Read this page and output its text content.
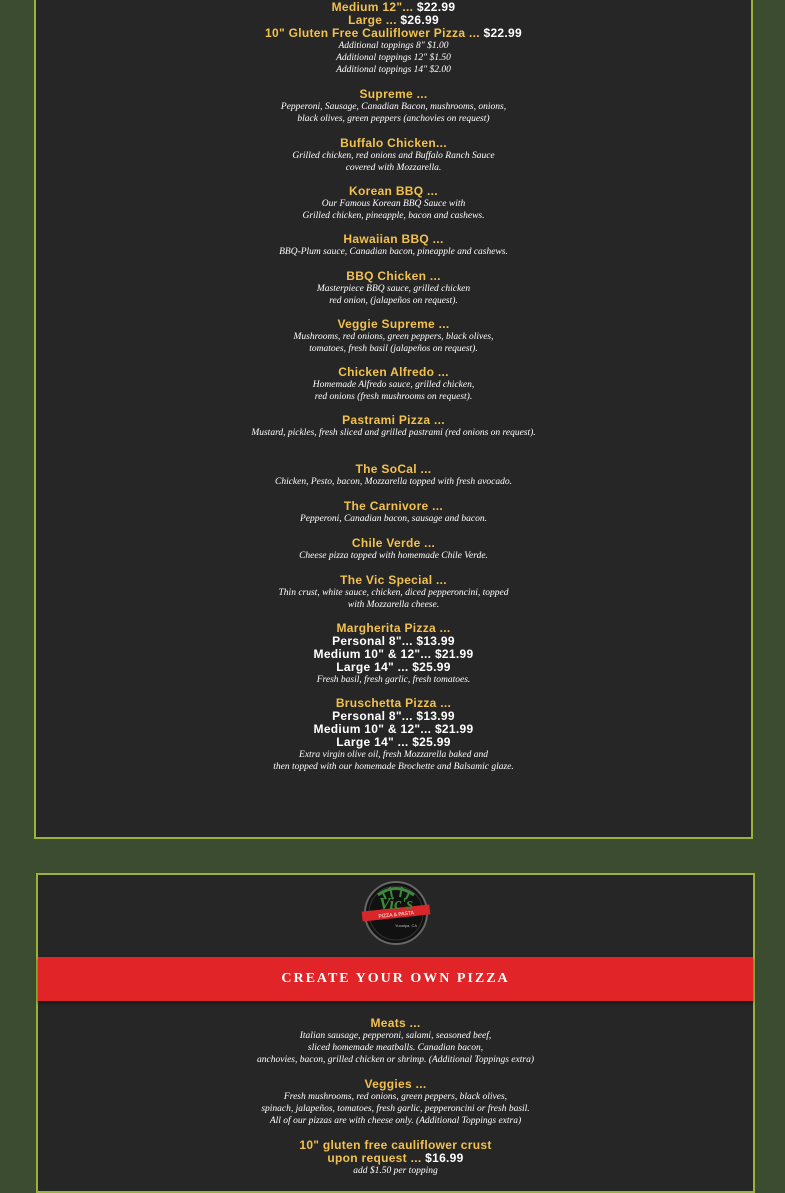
Medium 12"... $22.99

Large ... $26.99

10" Gluten Free Cauliflower Pizza ... $22.99

Additional toppings 8" $1.00

Additional toppings 12" $1.50

Additional toppings 14" $2.00

Supreme ...

Pepperoni, Sausage, Canadian Bacon, mushrooms, onions,

black olives, green peppers (anchovies on request)

Buffalo Chicken...

Grilled chicken, red onions and Buffalo Ranch Sauce

covered with Mozzarella.

Korean BBQ ...

Our Famous Korean BBQ Sauce with

Grilled chicken, pineapple, bacon and cashews.

Hawaiian BBQ ...

BBQ-Plum sauce, Canadian bacon, pineapple and cashews.

BBQ Chicken ...

Masterpiece BBQ sauce, grilled chicken

red onion, (jalapeños on request).

Veggie Supreme ...

Mushrooms, red onions, green peppers, black olives,

tomatoes, fresh basil (jalapeños on request).

Chicken Alfredo ...

Homemade Alfredo sauce, grilled chicken,

red onions (fresh mushrooms on request).

Pastrami Pizza ...

Mustard, pickles, fresh sliced and grilled pastrami (red onions on request).

The SoCal ...

Chicken, Pesto, bacon, Mozzarella topped with fresh avocado.

The Carnivore ...

Pepperoni, Canadian bacon, sausage and bacon.

Chile Verde ...

Cheese pizza topped with homemade Chile Verde.

The Vic Special ...

Thin crust, white sauce, chicken, diced pepperoncini, topped

with Mozzarella cheese.

Margherita Pizza ...

Personal 8"... $13.99

Medium 10" & 12"... $21.99

Large 14" ... $25.99

Fresh basil, fresh garlic, fresh tomatoes.

Bruschetta Pizza ...

Personal 8"... $13.99

Medium 10" & 12"... $21.99

Large 14" ... $25.99

Extra virgin olive oil, fresh Mozzarella baked and

then topped with our homemade Brochette and Balsamic glaze.

Vic's
PIZZA & PASTA
Yucaipa, CA
CREATE YOUR OWN PIZZA

Meats ...

Italian sausage, pepperoni, salami, seasoned beef,

sliced homemade meatballs. Canadian bacon,

anchovies, bacon, grilled chicken or shrimp. (Additional Toppings extra)

Veggies ...

Fresh mushrooms, red onions, green peppers, black olives,

spinach, jalapeños, tomatoes, fresh garlic, pepperoncini or fresh basil.

All of our pizzas are with cheese only. (Additional Toppings extra)

10" gluten free cauliflower crust

upon request ... $16.99

add $1.50 per topping
